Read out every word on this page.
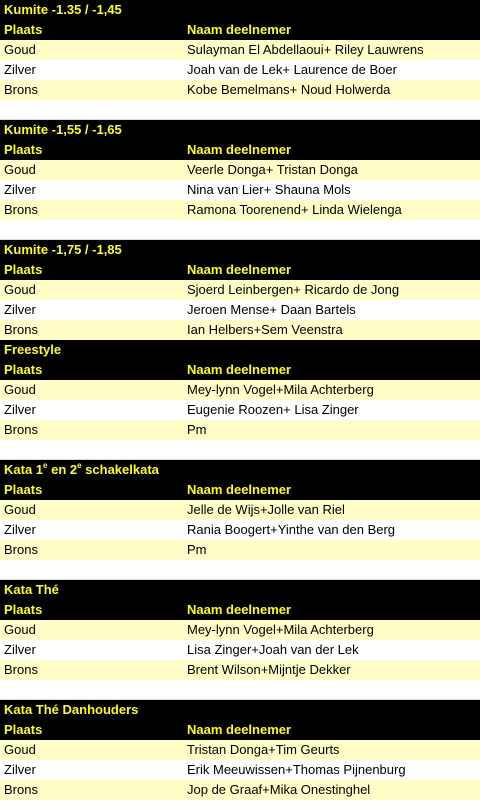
Kumite -1.35 / -1,45
Plaats	Naam deelnemer
Goud	Sulayman El Abdellaoui+ Riley Lauwrens
Zilver	Joah van de Lek+ Laurence de Boer
Brons	Kobe Bemelmans+ Noud Holwerda
Kumite -1,55 / -1,65
Plaats	Naam deelnemer
Goud	Veerle Donga+ Tristan Donga
Zilver	Nina van Lier+ Shauna Mols
Brons	Ramona Toorenend+ Linda Wielenga
Kumite -1,75 / -1,85
Plaats	Naam deelnemer
Goud	Sjoerd Leinbergen+ Ricardo de Jong
Zilver	Jeroen Mense+ Daan Bartels
Brons	Ian Helbers+Sem Veenstra
Freestyle
Plaats	Naam deelnemer
Goud	Mey-lynn Vogel+Mila Achterberg
Zilver	Eugenie Roozen+ Lisa Zinger
Brons	Pm
Kata 1e en 2e schakelkata
Plaats	Naam deelnemer
Goud	Jelle de Wijs+Jolle van Riel
Zilver	Rania Boogert+Yinthe van den Berg
Brons	Pm
Kata Thé
Plaats	Naam deelnemer
Goud	Mey-lynn Vogel+Mila Achterberg
Zilver	Lisa Zinger+Joah van der Lek
Brons	Brent Wilson+Mijntje Dekker
Kata Thé Danhouders
Plaats	Naam deelnemer
Goud	Tristan Donga+Tim Geurts
Zilver	Erik Meeuwissen+Thomas Pijnenburg
Brons	Jop de Graaf+Mika Onestinghel
